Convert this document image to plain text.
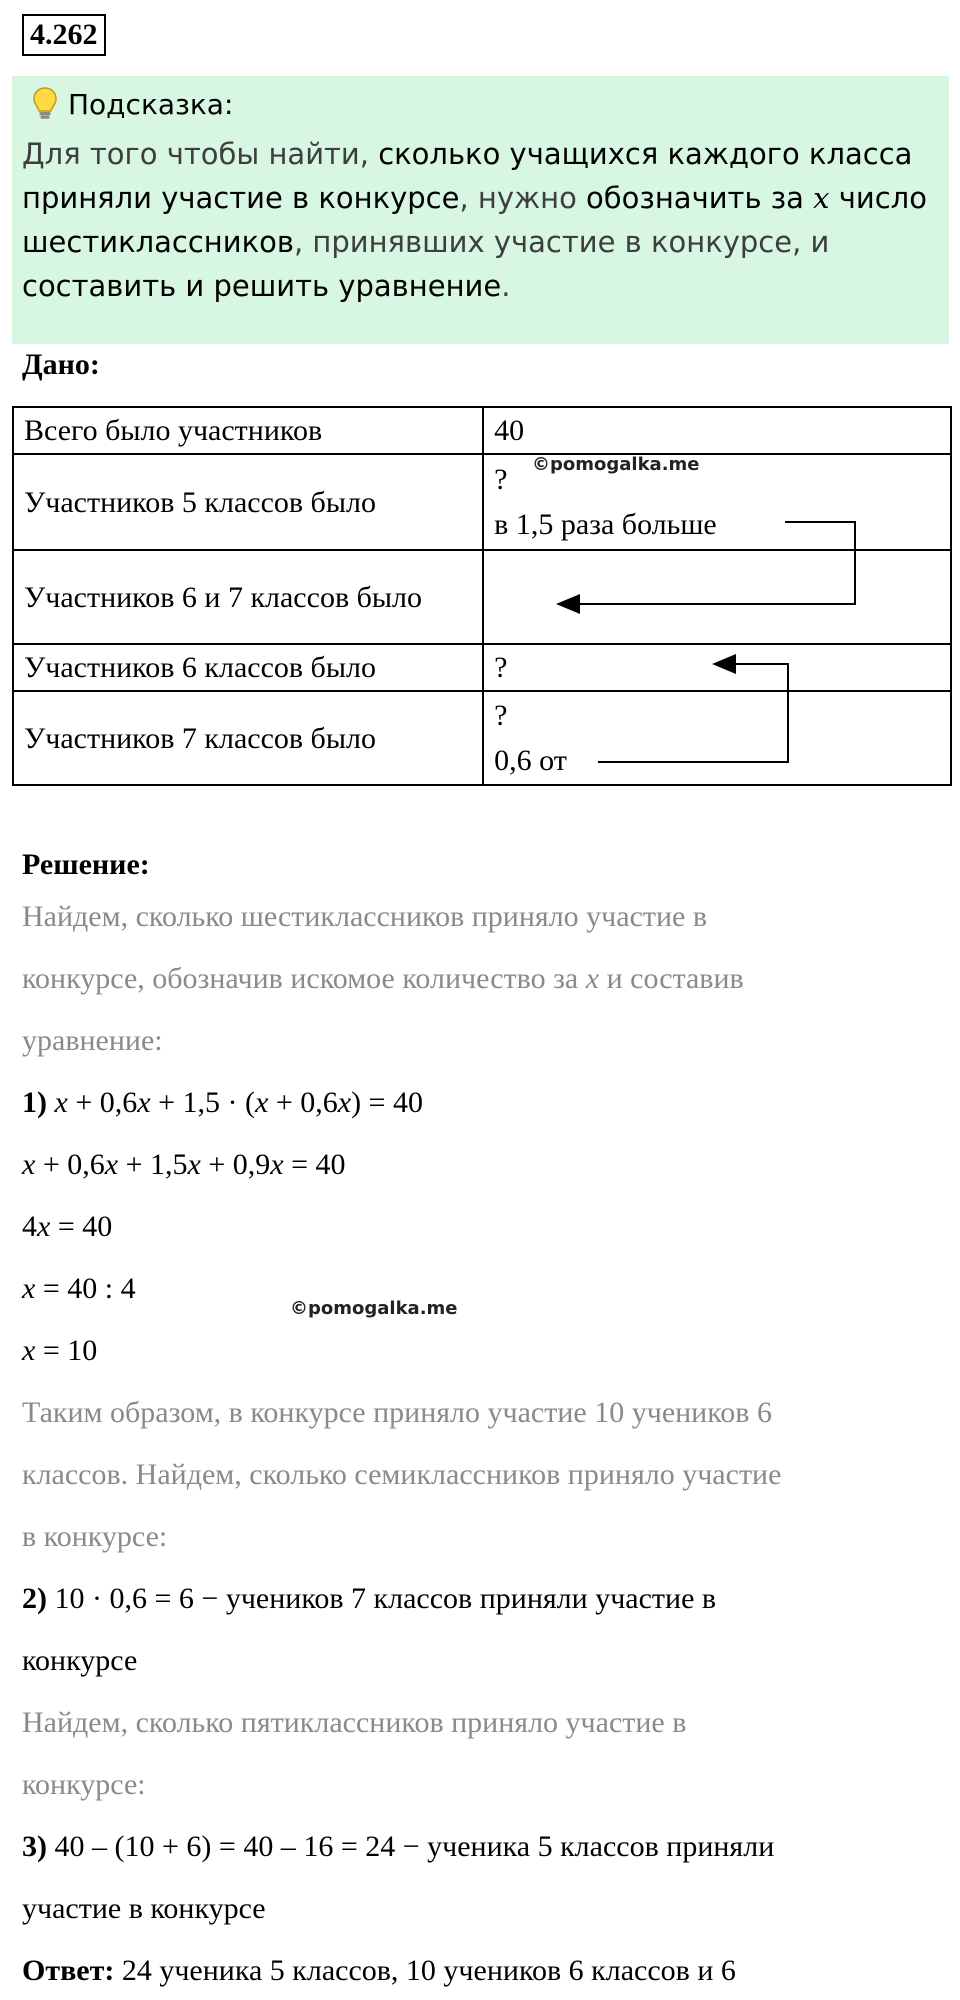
4.262
Подсказка:
Для того чтобы найти, сколько учащихся каждого класса приняли участие в конкурсе, нужно обозначить за x число шестиклассников, принявших участие в конкурсе, и составить и решить уравнение.
Дано:
Всего было участников	40
Участников 5 классов было	?
в 1,5 раза больше

Участников 6 и 7 классов было	
Участников 6 классов было	?
Участников 7 классов было	?
0,6 от
©pomogalka.me
Решение:
Найдем, сколько шестиклассников приняло участие в
конкурсе, обозначив искомое количество за x и составив
уравнение:
1) x + 0,6x + 1,5 · (x + 0,6x) = 40
x + 0,6x + 1,5x + 0,9x = 40
4x = 40
x = 40 : 4
x = 10
Таким образом, в конкурсе приняло участие 10 учеников 6
классов. Найдем, сколько семиклассников приняло участие
в конкурсе:
2) 10 · 0,6 = 6 − учеников 7 классов приняли участие в
конкурсе
Найдем, сколько пятиклассников приняло участие в
конкурсе:
3) 40 – (10 + 6) = 40 – 16 = 24 − ученика 5 классов приняли
участие в конкурсе
Ответ: 24 ученика 5 классов, 10 учеников 6 классов и 6
©pomogalka.me
